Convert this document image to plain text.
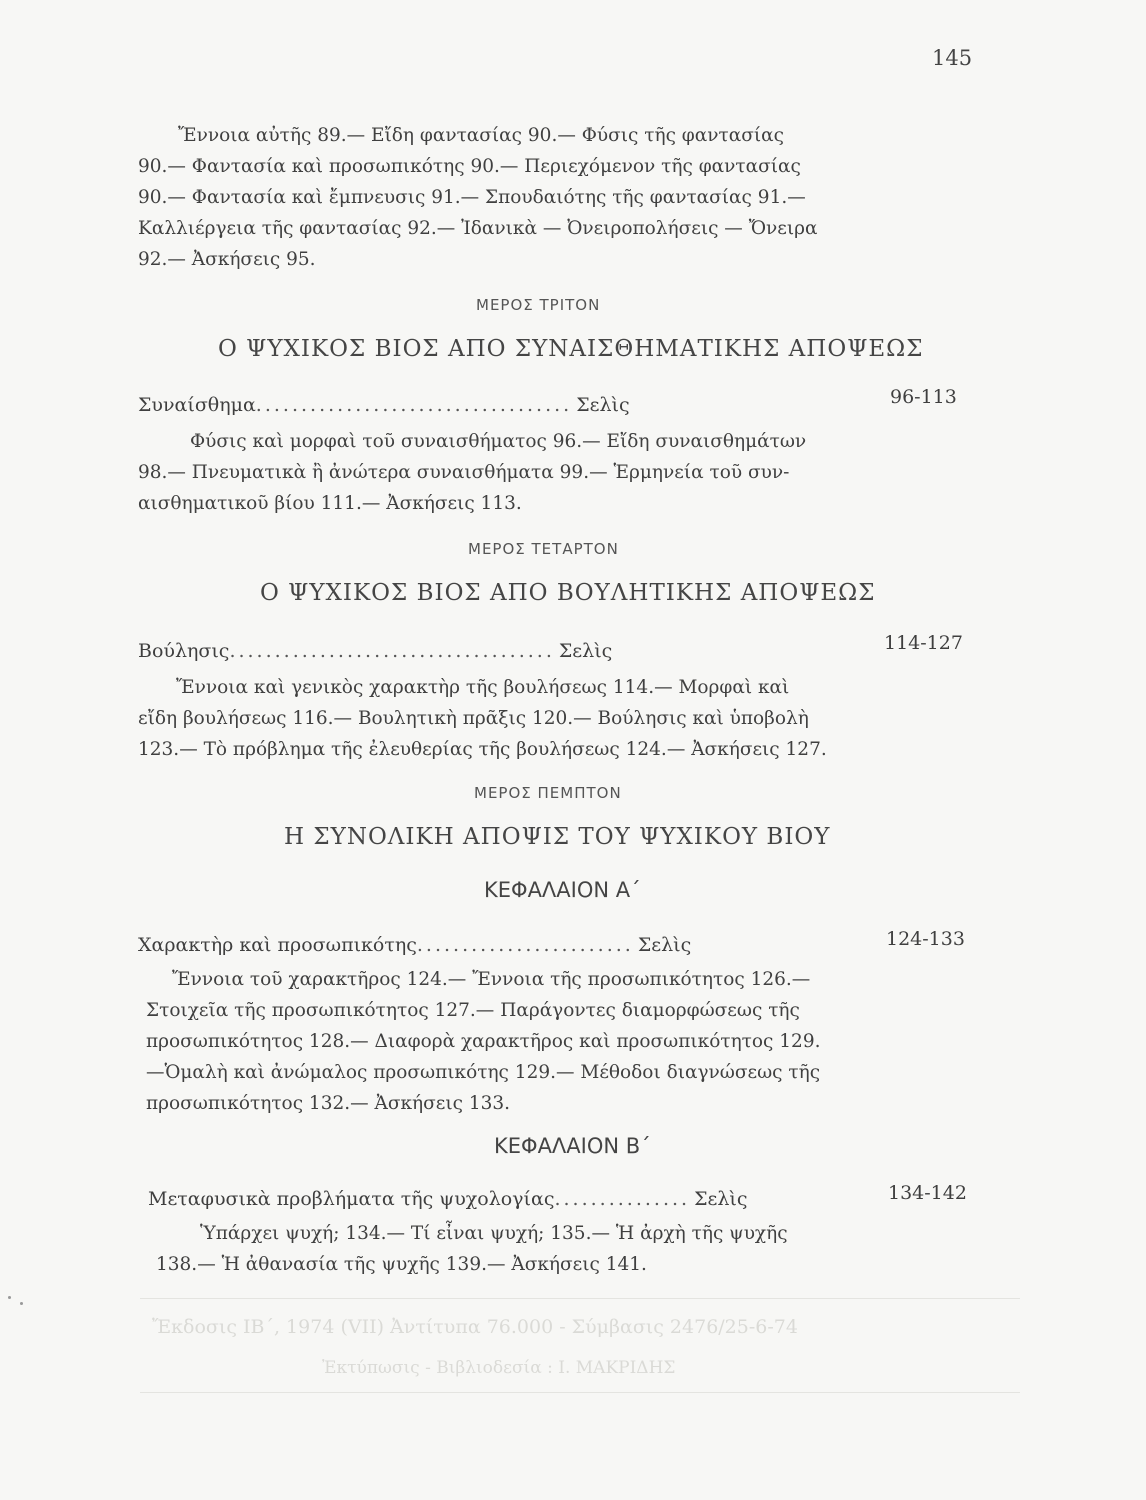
145
Ἔννοια αὐτῆς 89.— Εἴδη φαντασίας 90.— Φύσις τῆς φαντασίας
90.— Φαντασία καὶ προσωπικότης 90.— Περιεχόμενον τῆς φαντασίας
90.— Φαντασία καὶ ἔμπνευσις 91.— Σπουδαιότης τῆς φαντασίας 91.—
Καλλιέργεια τῆς φαντασίας 92.— Ἰδανικὰ — Ὀνειροπολήσεις — Ὄνειρα
92.— Ἀσκήσεις 95.
ΜΕΡΟΣ ΤΡΙΤΟΝ
Ο ΨΥΧΙΚΟΣ ΒΙΟΣ ΑΠΟ ΣΥΝΑΙΣΘΗΜΑΤΙΚΗΣ ΑΠΟΨΕΩΣ
Συναίσθημα................................... Σελὶς	96-113
Φύσις καὶ μορφαὶ τοῦ συναισθήματος 96.— Εἴδη συναισθημάτων
98.— Πνευματικὰ ἢ ἀνώτερα συναισθήματα 99.— Ἑρμηνεία τοῦ συν-
αισθηματικοῦ βίου 111.— Ἀσκήσεις 113.
ΜΕΡΟΣ ΤΕΤΑΡΤΟΝ
Ο ΨΥΧΙΚΟΣ ΒΙΟΣ ΑΠΟ ΒΟΥΛΗΤΙΚΗΣ ΑΠΟΨΕΩΣ
Βούλησις.................................... Σελὶς	114-127
Ἔννοια καὶ γενικὸς χαρακτὴρ τῆς βουλήσεως 114.— Μορφαὶ καὶ
εἴδη βουλήσεως 116.— Βουλητικὴ πρᾶξις 120.— Βούλησις καὶ ὑποβολὴ
123.— Τὸ πρόβλημα τῆς ἐλευθερίας τῆς βουλήσεως 124.— Ἀσκήσεις 127.
ΜΕΡΟΣ ΠΕΜΠΤΟΝ
Η ΣΥΝΟΛΙΚΗ ΑΠΟΨΙΣ ΤΟΥ ΨΥΧΙΚΟΥ ΒΙΟΥ
ΚΕΦΑΛΑΙΟΝ Α΄
Χαρακτὴρ καὶ προσωπικότης........................ Σελὶς	124-133
Ἔννοια τοῦ χαρακτῆρος 124.— Ἔννοια τῆς προσωπικότητος 126.—
Στοιχεῖα τῆς προσωπικότητος 127.— Παράγοντες διαμορφώσεως τῆς
προσωπικότητος 128.— Διαφορὰ χαρακτῆρος καὶ προσωπικότητος 129.
—Ὁμαλὴ καὶ ἀνώμαλος προσωπικότης 129.— Μέθοδοι διαγνώσεως τῆς
προσωπικότητος 132.— Ἀσκήσεις 133.
ΚΕΦΑΛΑΙΟΝ Β΄
Μεταφυσικὰ προβλήματα τῆς ψυχολογίας............... Σελὶς	134-142
Ὑπάρχει ψυχή; 134.— Τί εἶναι ψυχή; 135.— Ἡ ἀρχὴ τῆς ψυχῆς
138.— Ἡ ἀθανασία τῆς ψυχῆς 139.— Ἀσκήσεις 141.
Ἔκδοσις ΙΒ΄, 1974 (VII) Ἀντίτυπα 76.000 - Σύμβασις 2476/25-6-74
Ἐκτύπωσις - Βιβλιοδεσία : Ι. ΜΑΚΡΙΔΗΣ
